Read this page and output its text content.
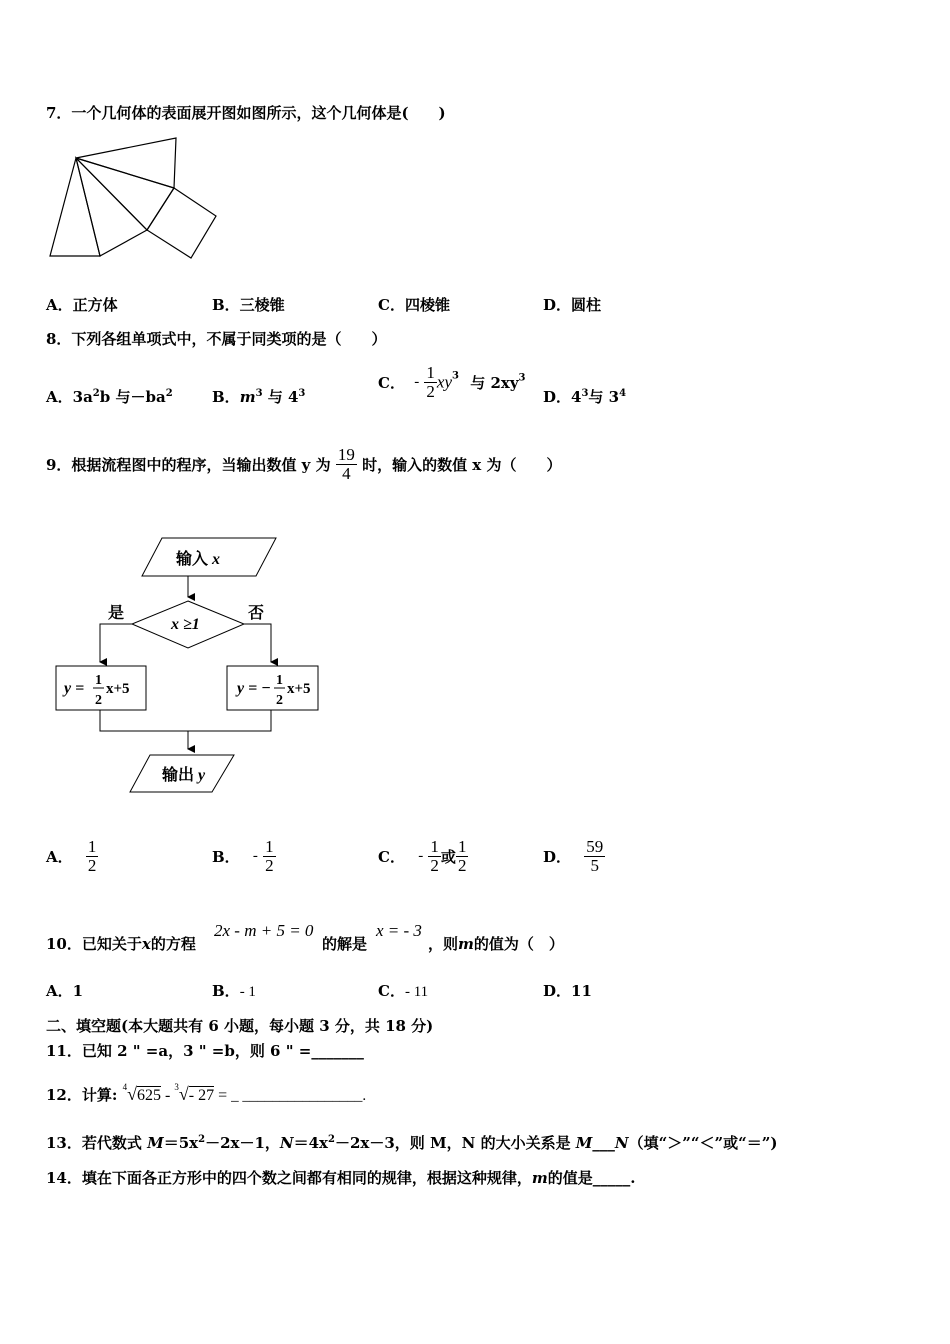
7．一个几何体的表面展开图如图所示，这个几何体是(　　)
A．正方体	B．三棱锥	C．四棱锥	D．圆柱
8．下列各组单项式中，不属于同类项的是（　　）
A．$3a^2b$ 与$-ba^2$	B．$m^3$ 与 $4^3$
C． - $\frac{1}{2} xy^3$ 与 $2xy^3$
D．$4^3$与 $3^4$
9．根据流程图中的程序，当输出数值 y 为 $\frac{19}{4}$ 时，输入的数值 x 为（　　）
输入 x
x ≥1
是	否
y = 1
2
x+5	y = − 1
2
x+5
输出 y
A． $\frac{1}{2}$	B． - $\frac{1}{2}$	C． - $\frac{1}{2}$ 或 $\frac{1}{2}$	D． $\frac{59}{5}$
10．已知关于x的方程
2x - m + 5 = 0
的解是
x = - 3
，则m的值为（　）
A．1	B．- 1	C．- 11	D．11
二、填空题(本大题共有 6 小题，每小题 3 分，共 18 分)
11．已知 2 " =a，3 " =b，则 6 " =_______
12．计算: $^4$√625 - $^3$√- 27 = _ ________________.
13．若代数式 $M=5x^2-2x-1$，$N=4x^2-2x-3$，则 M，N 的大小关系是 M___N（填“＞”“＜”或“＝”)
14．填在下面各正方形中的四个数之间都有相同的规律，根据这种规律，m的值是_____.
